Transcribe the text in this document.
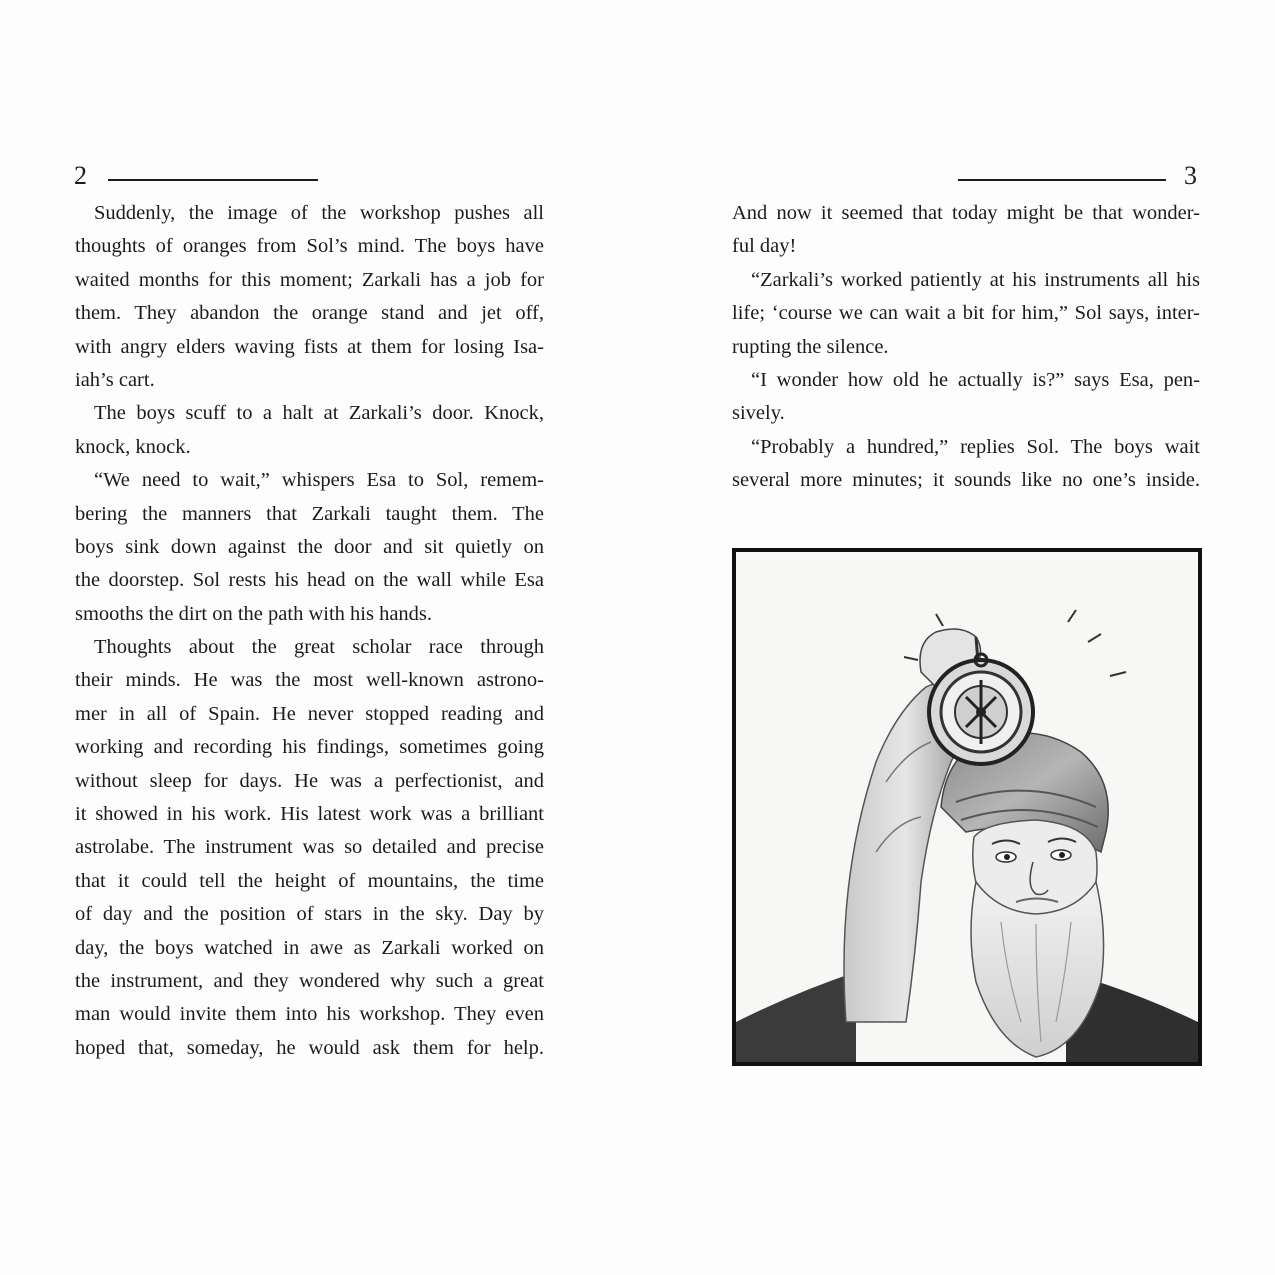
2
Suddenly, the image of the workshop pushes all
thoughts of oranges from Sol’s mind. The boys have
waited months for this moment; Zarkali has a job for
them. They abandon the orange stand and jet off,
with angry elders waving fists at them for losing Isa-
iah’s cart.
The boys scuff to a halt at Zarkali’s door. Knock,
knock, knock.
“We need to wait,” whispers Esa to Sol, remem-
bering the manners that Zarkali taught them. The
boys sink down against the door and sit quietly on
the doorstep. Sol rests his head on the wall while Esa
smooths the dirt on the path with his hands.
Thoughts about the great scholar race through
their minds. He was the most well-known astrono-
mer in all of Spain. He never stopped reading and
working and recording his findings, sometimes going
without sleep for days. He was a perfectionist, and
it showed in his work. His latest work was a brilliant
astrolabe. The instrument was so detailed and precise
that it could tell the height of mountains, the time
of day and the position of stars in the sky. Day by
day, the boys watched in awe as Zarkali worked on
the instrument, and they wondered why such a great
man would invite them into his workshop. They even
hoped that, someday, he would ask them for help.
3
And now it seemed that today might be that wonder-
ful day!
“Zarkali’s worked patiently at his instruments all his
life; ‘course we can wait a bit for him,” Sol says, inter-
rupting the silence.
“I wonder how old he actually is?” says Esa, pen-
sively.
“Probably a hundred,” replies Sol. The boys wait
several more minutes; it sounds like no one’s inside.
